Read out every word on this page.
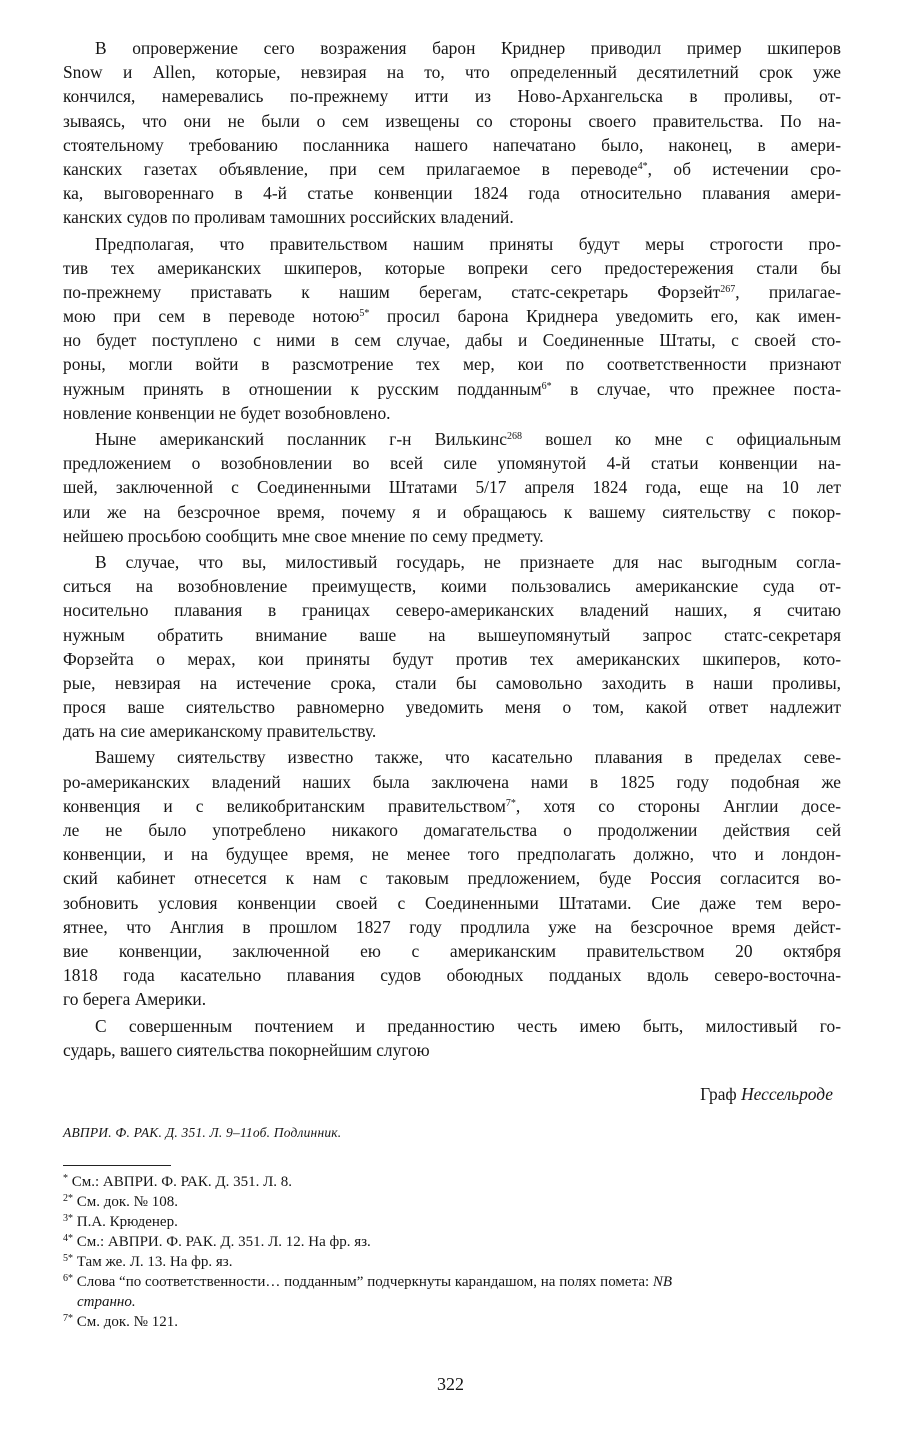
В опровержение сего возражения барон Криднер приводил пример шкиперов
Snow и Allen, которые, невзирая на то, что определенный десятилетний срок уже
кончился, намеревались по-прежнему итти из Ново-Архангельска в проливы, от-
зываясь, что они не были о сем извещены со стороны своего правительства. По на-
стоятельному требованию посланника нашего напечатано было, наконец, в амери-
канских газетах объявление, при сем прилагаемое в переводе$^{4*}$, об истечении сро-
ка, выговореннаго в 4-й статье конвенции 1824 года относительно плавания амери-
канских судов по проливам тамошних российских владений.
Предполагая, что правительством нашим приняты будут меры строгости про-
тив тех американских шкиперов, которые вопреки сего предостережения стали бы
по-прежнему приставать к нашим берегам, статс-секретарь Форзейт$^{267}$, прилагае-
мою при сем в переводе нотою$^{5*}$ просил барона Криднера уведомить его, как имен-
но будет поступлено с ними в сем случае, дабы и Соединенные Штаты, с своей сто-
роны, могли войти в разсмотрение тех мер, кои по соответственности признают
нужным принять в отношении к русским подданным$^{6*}$ в случае, что прежнее поста-
новление конвенции не будет возобновлено.
Ныне американский посланник г-н Вилькинс$^{268}$ вошел ко мне с официальным
предложением о возобновлении во всей силе упомянутой 4-й статьи конвенции на-
шей, заключенной с Соединенными Штатами 5/17 апреля 1824 года, еще на 10 лет
или же на безсрочное время, почему я и обращаюсь к вашему сиятельству с покор-
нейшею просьбою сообщить мне свое мнение по сему предмету.
В случае, что вы, милостивый государь, не признаете для нас выгодным согла-
ситься на возобновление преимуществ, коими пользовались американские суда от-
носительно плавания в границах северо-американских владений наших, я считаю
нужным обратить внимание ваше на вышеупомянутый запрос статс-секретаря
Форзейта о мерах, кои приняты будут против тех американских шкиперов, кото-
рые, невзирая на истечение срока, стали бы самовольно заходить в наши проливы,
прося ваше сиятельство равномерно уведомить меня о том, какой ответ надлежит
дать на сие американскому правительству.
Вашему сиятельству известно также, что касательно плавания в пределах севе-
ро-американских владений наших была заключена нами в 1825 году подобная же
конвенция и с великобританским правительством$^{7*}$, хотя со стороны Англии досе-
ле не было употреблено никакого домагательства о продолжении действия сей
конвенции, и на будущее время, не менее того предполагать должно, что и лондон-
ский кабинет отнесется к нам с таковым предложением, буде Россия согласится во-
зобновить условия конвенции своей с Соединенными Штатами. Сие даже тем веро-
ятнее, что Англия в прошлом 1827 году продлила уже на безсрочное время дейст-
вие конвенции, заключенной ею с американским правительством 20 октября
1818 года касательно плавания судов обоюдных подданых вдоль северо-восточна-
го берега Америки.
С совершенным почтением и преданностию честь имею быть, милостивый го-
сударь, вашего сиятельства покорнейшим слугою
Граф Нессельроде
АВПРИ. Ф. РАК. Д. 351. Л. 9–11об. Подлинник.
* См.: АВПРИ. Ф. РАК. Д. 351. Л. 8.
$^{2*}$ См. док. № 108.
$^{3*}$ П.А. Крюденер.
$^{4*}$ См.: АВПРИ. Ф. РАК. Д. 351. Л. 12. На фр. яз.
$^{5*}$ Там же. Л. 13. На фр. яз.
$^{6*}$ Слова “по соответственности… подданным” подчеркнуты карандашом, на полях помета: NB
странно.
$^{7*}$ См. док. № 121.
322
